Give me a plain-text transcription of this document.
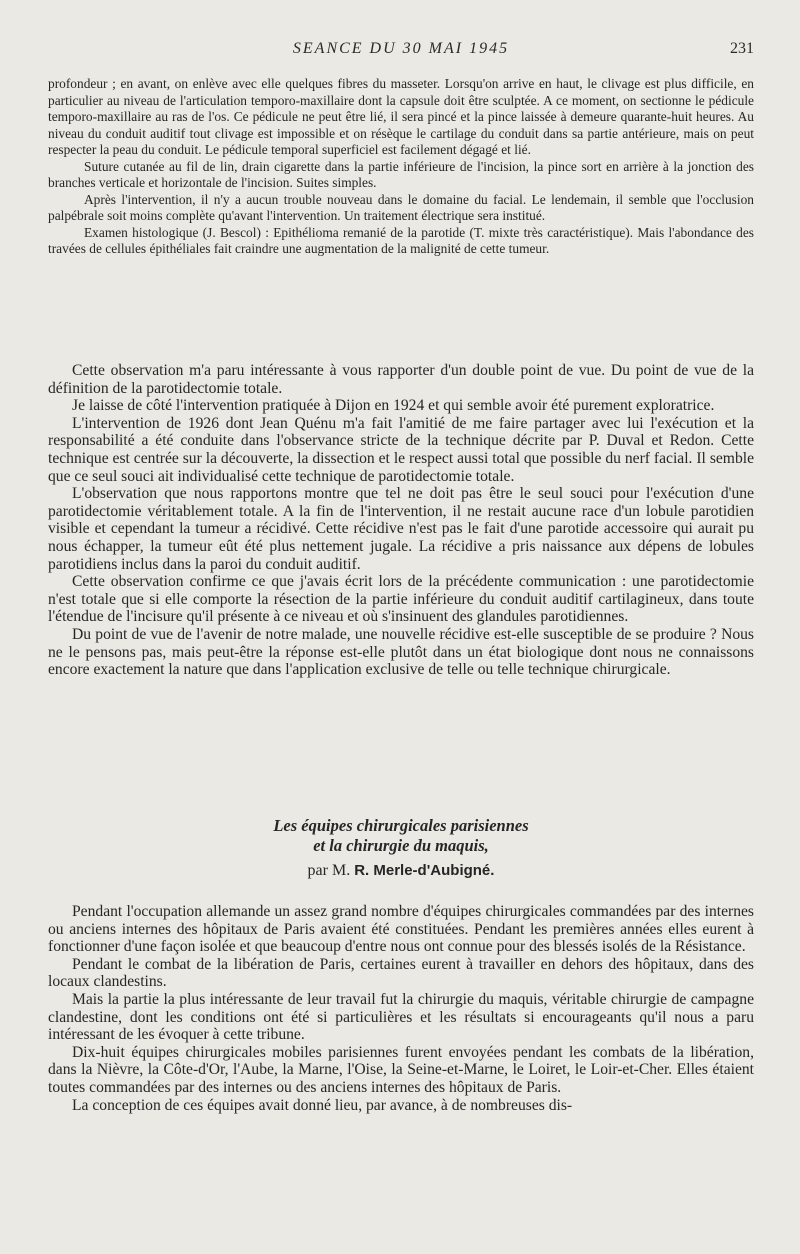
SEANCE DU 30 MAI 1945	231

profondeur ; en avant, on enlève avec elle quelques fibres du masseter. Lorsqu'on arrive en haut, le clivage est plus difficile, en particulier au niveau de l'articulation temporo-maxillaire dont la capsule doit être sculptée. A ce moment, on sectionne le pédicule temporo-maxillaire au ras de l'os. Ce pédicule ne peut être lié, il sera pincé et la pince laissée à demeure quarante-huit heures. Au niveau du conduit auditif tout clivage est impossible et on résèque le cartilage du conduit dans sa partie antérieure, mais on peut respecter la peau du conduit. Le pédicule temporal superficiel est facilement dégagé et lié.

Suture cutanée au fil de lin, drain cigarette dans la partie inférieure de l'incision, la pince sort en arrière à la jonction des branches verticale et horizontale de l'incision. Suites simples.

Après l'intervention, il n'y a aucun trouble nouveau dans le domaine du facial. Le lendemain, il semble que l'occlusion palpébrale soit moins complète qu'avant l'intervention. Un traitement électrique sera institué.

Examen histologique (J. Bescol) : Epithélioma remanié de la parotide (T. mixte très caractéristique). Mais l'abondance des travées de cellules épithéliales fait craindre une augmentation de la malignité de cette tumeur.

Cette observation m'a paru intéressante à vous rapporter d'un double point de vue. Du point de vue de la définition de la parotidectomie totale.

Je laisse de côté l'intervention pratiquée à Dijon en 1924 et qui semble avoir été purement exploratrice.

L'intervention de 1926 dont Jean Quénu m'a fait l'amitié de me faire partager avec lui l'exécution et la responsabilité a été conduite dans l'observance stricte de la technique décrite par P. Duval et Redon. Cette technique est centrée sur la découverte, la dissection et le respect aussi total que possible du nerf facial. Il semble que ce seul souci ait individualisé cette technique de parotidectomie totale.

L'observation que nous rapportons montre que tel ne doit pas être le seul souci pour l'exécution d'une parotidectomie véritablement totale. A la fin de l'intervention, il ne restait aucune race d'un lobule parotidien visible et cependant la tumeur a récidivé. Cette récidive n'est pas le fait d'une parotide accessoire qui aurait pu nous échapper, la tumeur eût été plus nettement jugale. La récidive a pris naissance aux dépens de lobules parotidiens inclus dans la paroi du conduit auditif.

Cette observation confirme ce que j'avais écrit lors de la précédente communication : une parotidectomie n'est totale que si elle comporte la résection de la partie inférieure du conduit auditif cartilagineux, dans toute l'étendue de l'incisure qu'il présente à ce niveau et où s'insinuent des glandules parotidiennes.

Du point de vue de l'avenir de notre malade, une nouvelle récidive est-elle susceptible de se produire ? Nous ne le pensons pas, mais peut-être la réponse est-elle plutôt dans un état biologique dont nous ne connaissons encore exactement la nature que dans l'application exclusive de telle ou telle technique chirurgicale.

Les équipes chirurgicales parisiennes
et la chirurgie du maquis,
par M. R. Merle-d'Aubigné.

Pendant l'occupation allemande un assez grand nombre d'équipes chirurgicales commandées par des internes ou anciens internes des hôpitaux de Paris avaient été constituées. Pendant les premières années elles eurent à fonctionner d'une façon isolée et que beaucoup d'entre nous ont connue pour des blessés isolés de la Résistance.

Pendant le combat de la libération de Paris, certaines eurent à travailler en dehors des hôpitaux, dans des locaux clandestins.

Mais la partie la plus intéressante de leur travail fut la chirurgie du maquis, véritable chirurgie de campagne clandestine, dont les conditions ont été si particulières et les résultats si encourageants qu'il nous a paru intéressant de les évoquer à cette tribune.

Dix-huit équipes chirurgicales mobiles parisiennes furent envoyées pendant les combats de la libération, dans la Nièvre, la Côte-d'Or, l'Aube, la Marne, l'Oise, la Seine-et-Marne, le Loiret, le Loir-et-Cher. Elles étaient toutes commandées par des internes ou des anciens internes des hôpitaux de Paris.

La conception de ces équipes avait donné lieu, par avance, à de nombreuses dis-
